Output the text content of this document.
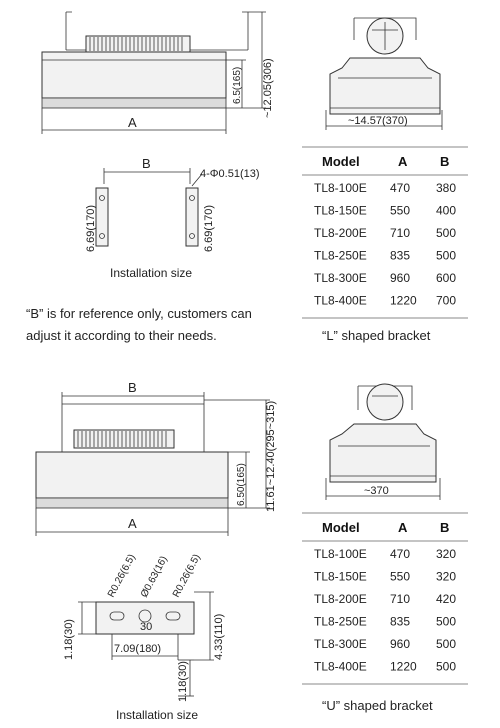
~12.05(306)
6.5(165)
A	~14.57(370)
B
4-Φ0.51(13)
6.69(170)	6.69(170)
Model	A	B
TL8-100E 470 380
TL8-150E 550 400
TL8-200E 710 500
TL8-250E 835 500
TL8-300E 960 600
TL8-400E 1220 700
B
11.61~12.40(295~315)
6.50(165)
A
~370
R0.26(6.5) Ø0.63(16) R0.26(6.5)
30
1.18(30)	7.09(180)
1.18(30)
4.33(110)
Model	A	B
TL8-100E 470 320
TL8-150E 550 320
TL8-200E 710 420
TL8-250E 835 500
TL8-300E 960 500
TL8-400E 1220 500
Installation size
“B” is for reference only, customers can
adjust it according to their needs.	“L” shaped bracket
Installation size
“U” shaped bracket
